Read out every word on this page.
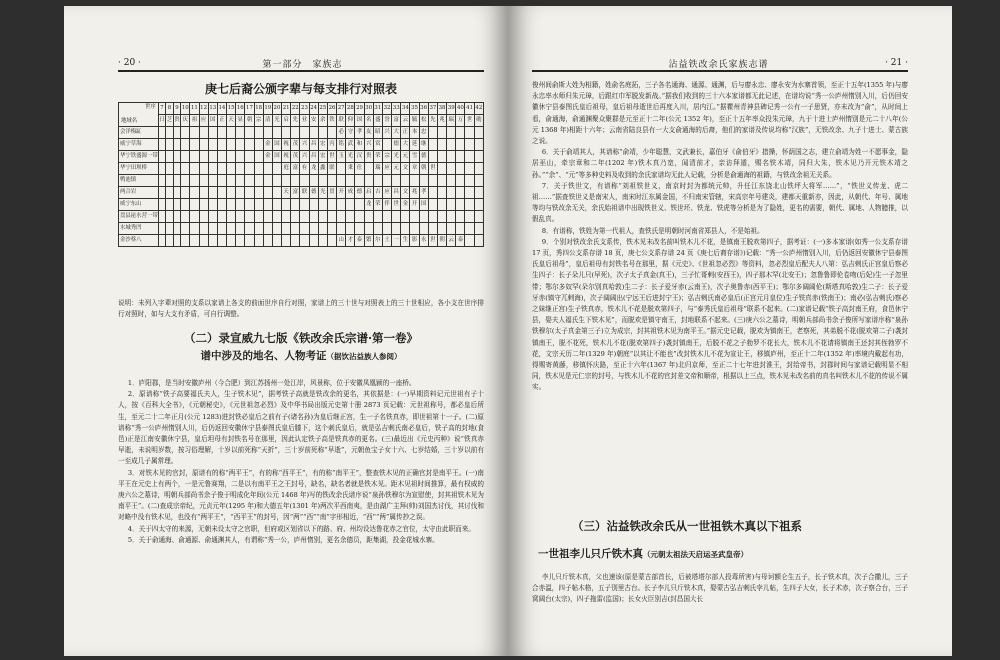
· 20 ·	第一部分　家族志
庚七后裔公颁字辈与每支排行对照表
世序
地域名	7	8	9	10	11	12	13	14	15	16	17	18	19	20	21	22	23	24	25	26	27	28	29	30	31	32	33	34	35	36	37	38	39	40	41	42
	日	芝	贵	庆	祖	应	国	正	天	显	朝	宗	清	光	启	先	业	安	余	铁	联	仰	国	名	盛	誉	富	云	毓	松	先	兆	瑞	万	世	勋
会洋梅缸																					必	守	孝	友	昭	兴	大	正	本	忠						
威宁草海													金	国	视	茂	兴	昌	宏	丙	铭	武	和	兴	赏		德	大	延	继						
华宁铁盛源一带													金	国	视	茂	兴	昌	宏	世	玉	光	汉	贵	荣	宗	光	元	雪	德						
华宁田坝桥															庭	富	有	龙	鑫	联		秉	仕		瑞	应	元	文	章	朝	世					
鸭池镇																																				
两合岩															天	富	联	德	光	贯	开	成	德	启	吉	应	昌	文	兆	孝						
威宁东山																								龙	荣	伴	世	金	开	国						
盘县泌水营一带																																				
水城秀凹																																				
金沙蔡八																					山	才	泰	繁	尔	土	一	生	影	永	世	朝	云	泰		
说明：未列入字辈对照的支系以家谱上各支的前面世序自行对照，家谱上的三十世与对照表上的三十世相应，各小支在世序排行对照时，如与大支有矛盾，可自行调整。
（二）录宣威九七版《铁改余氏宗谱·第一卷》
谱中涉及的地名、人物考证（据饮沾益族人参阅）

1．庐阳郡，是当时安徽庐州（今合肥）到江苏扬州一处江岸，风景称，位于安徽凤凰颍的一座桥。

2．原谱称“铁子高要福氏夫人，生子铁木见”，据考铁子高就是铁改余的更名，其依据是：(一)早期资料记元世祖有子十人，按《百科大全书》，《元朝秘史》，《元世祖忽必烈》及中华书局出版元史第十册 2873 页记载：元世祖称号，都必皇后所生，至元二十二年正月(公元 1283)进封铁必皇后之前有子(诸名孙)为皇后继正宫，生一子名铁真赤，即世祖第十一子。(二)原谱称“秀一公庐州惰别人川，后仍返回安徽休宁县泰图氏皇后膝下，这个刺氏皇后，就是弘吉剌氏南必皇后，铁子高的封地(食邑)正是江南安徽休宁县，皇后坦母有封铁名号在那里，因此认定铁子高是铁真赤的更名。(三)最近出《元史丙种》说“铁真赤早逝，未说明岁数，按习俗理解，十岁以前死称“天折”，三十岁前死称“早逝”，元朝鱼宝子女十六、七岁结婚，三十岁以前有一至成几子属常理。

3．对铁木见的官封，原谱有的称“两平王”，有的称“西平王”，有的称“南平王”，整查铁木见的正确官封是南平王。(一)南平王在元史上有两个，一是元鲁赛翔，二是以有南平王之王封号，缺名，缺名者就是铁木见。距木见祖时间推算，最有权威的庚六公之墓诗，明朝兵部尚书余子俊于明成化年间(公元 1468 年)写的铁改余氏谱序说“泉孙铁穆尔为宣慰使，封其祖铁木见为南平王”。(二)查成宗帝纪，元贞元年(1295 年)和大德五年(1301 年)两次平西南夷，是由湖广主拜(帅)刘国杰讨伐，其讨伐和对略中没有铁木见，也没有“两平王”，“西平王”的封号，因“两”“西”“南”字形相近，“西”“两”属传抄之误。

4．关于四太守的来源，无朝未设太守之官职，但府或区划省以下的路、府、州均设达鲁花赤之官位，太守由此职而来。

5．关于俞通海、俞通源、俞通渊其人，有谓称“秀一公，庐州惰别，更名余德员，距集湖，投金花城水寨。

沾益铁改余氏家族志谱	· 21 ·

俊州间俞斯大姓为相籍，姓俞名庭拓，三子各名通海、通源、通渊，后与廖永忠、廖永安为水寨首领，至正十五年(1355 年)与廖永忠率水师归朱元璋，后跟红巾军脱发新战。”据我们收到的三十六本家谱都无此记述，在谱均说“秀一公庐州惰别入川，后仍回安徽休宁县泰图氏皇后祖母，皇后祖母逝世后再度入川，居内江。”据瞿州青神县碑记秀一公有一子思贤，亦未改为“俞”，从时间上看，俞通海，俞通渊聚众聚群是元至正十二年(公元 1352 年)，至正十五年率众投朱元璋，九于十进士庐州惰别是元二十八年(公元 1368 年)相距十六年；云南省陆良县有一大支俞通海的后裔，他们的家谱及传说均称“汉族”，无铁改余、九子十进士、蒙古族之说。

6．关于俞靖其人，其谱称“俞靖，少年聪慧，文武兼长，嘉伯牙《俞伯牙》措操，怀荫国之志，建立俞靖为姓一不愿事金，隐居巫山，牵宗章和二年(1202 年)铁木真乃宽，闻清前才，亲访拜遁，赐名铁木靖，同归大朱，铁木见乃开元铁木靖之孙。”“余”、“元”等多种史料及收到的余氏家谱均无此人记载，分析是俞通海的祖籍，与铁改余祖无关系。

7．关于铁世文，有谱称“刘祖铁世义，南京时封为都统元帅，升任江东饶北山铁坪大将军……”，“铁世义传龙、虎二祖……”据查铁世义是南宋人，南宋时江东属金国，不归南宋管辖，宋高宗年号建炎，建都天重新亦，因此，从朝代、年号、属地等均与铁改余无关，余氏始祖谱中出现铁世义、铁世坯、铁龙、铁虎等分析是为了隐姓，更名的需要，朝代、属地、人物臆推，以假乱真。

8．有谱称，铁姓为第一代祖人，查铁氏是明朝时河南省郑县人，不是始祖。

9．个别对铁改余氏支系传，铁木见末改名前叫铁木儿不花，是镇南王脱欢第四子，据考证：(一)多本家谱(如秀一公支系存谱 17 页，秀四公支系存谱 18 页，庚七公支系存谱 24 页《庚七后裔存谱》)记载：“秀一公庐州惰别入川，后仍返回安徽休宁县泰图氏皇后祖母”，皇后祖母有封铁名号在那里，据《元史》、《世祖忽必烈》等资料，忽必烈皇后配夫人八第：弘吉剌氏正宫皇后察必生四子：长子朵儿只(早死)，次子太子真金(真王)，三子忙哥剌(安西王)，四子那木罕(北安王)；忽鲁鲁即伦卷吻(后妃)生一子忽里带；鄂尔多奴罕(朵尔别真哈敦)生二子：长子爱牙赤(云南王)，次子奥鲁赤(西平王)；鄂尔多阔阔伦(斯塔真哈敦)生二子：长子爱牙赤(镇守兀剌海)，次子阔阔出(宁远王后进封宁王)；弘吉剌氏南必皇后(正宫元月皇位)生子铁真赤(铁南王)；南必(弘吉剌氏)察必之妹继正宫)生子铁真赤，铁木儿不花是脱欢第四子，与“泰秀氏皇后祖母”联系不起来。(二)家谱记载“铁子高封南王府，食邑休宁县，娶夫人福氏生下铁木见”，而脱欢是镇守南王，封地联系不起来。(三)庚六公之墓诗，明朝兵部尚书余子俊所写家谱序称“泉孙铁穆尔(太子真金第三子)立为成宗，封其祖铁木见为南平王。”据元史记载，脱欢为镇南王，老察死，其弟脱不花(脱欢第二子)袭封镇南王，脱不花死，铁木儿不花(脱欢第四子)袭封镇南王，后脱不花之子勃罗不花长大，铁木儿不花请将镇南王还封其侄勃罗不花，文宗天历二年(1329 年)朝庭“以其让不能也”改封铁木儿不花为宣让王，移镇庐州，至正十二年(1352 年)率境内戴起有功，得赐寄黄藤，移镇怀庆路，至正十六年(1367 年)北归京师，至正二十七年进封淮王，封给帝书，封郡时间与家谱记载明显不相同，铁木见是元仁宗的封号，与铁木儿不花的官封差文帝和顺帝，根据以上三点，铁木见未改名前的真名叫铁木儿不花的传说不属实。

（三）沾益铁改余氏从一世祖铁木真以下祖系
一世祖李儿只斤铁木真（元朝太祖法天启运圣武皇帝）
李儿只斤铁木真，父也速该(原是蒙古部首长，后被塔塔尔部人投毒所害)与母诃额仑生五子，长子铁木真，次子合撒儿，三子合赤温，四子帖木格，五子别里古台。长子李儿只斤铁木真，娶蒙古弘吉剌氏孛儿帖，生四子大女，长子术赤，次子察合台，三子窝阔台(太宗)，四子拖雷(监国)；长女火臣别吉(封昌国大长
